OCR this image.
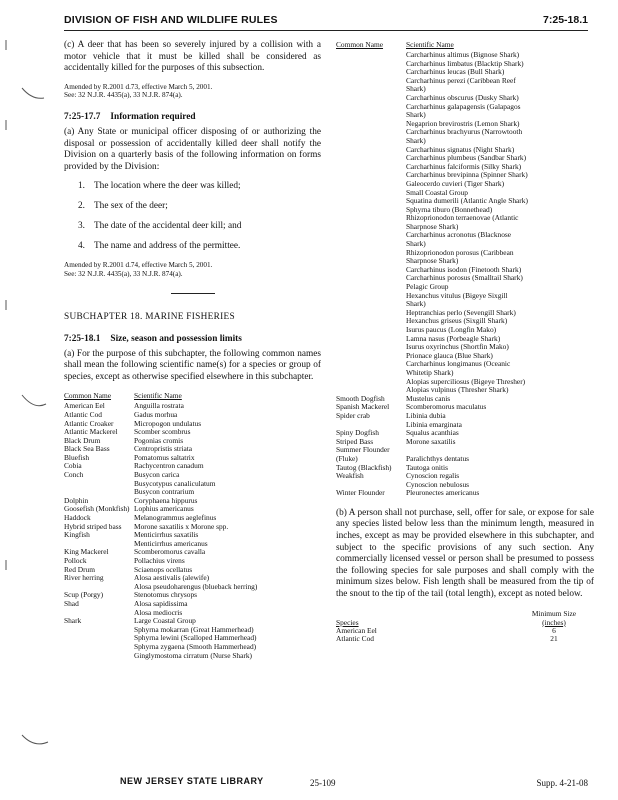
DIVISION OF FISH AND WILDLIFE RULES	7:25-18.1

(c) A deer that has been so severely injured by a collision with a motor vehicle that it must be killed shall be considered as accidentally killed for the purposes of this subsection.

Amended by R.2001 d.73, effective March 5, 2001.
See: 32 N.J.R. 4435(a), 33 N.J.R. 874(a).
7:25-17.7 Information required

(a) Any State or municipal officer disposing of or authorizing the disposal or possession of accidentally killed deer shall notify the Division on a quarterly basis of the following information on forms provided by the Division:

1. The location where the deer was killed;
2. The sex of the deer;
3. The date of the accidental deer kill; and
4. The name and address of the permittee.
Amended by R.2001 d.74, effective March 5, 2001.
See: 32 N.J.R. 4435(a), 33 N.J.R. 874(a).
SUBCHAPTER 18. MARINE FISHERIES
7:25-18.1 Size, season and possession limits

(a) For the purpose of this subchapter, the following common names shall mean the following scientific name(s) for a species or group of species, except as otherwise specified elsewhere in this subchapter.

Common Name	Scientific Name
American Eel	Anguilla rostrata
Atlantic Cod	Gadus morhua
Atlantic Croaker	Micropogon undulatus
Atlantic Mackerel	Scomber scombrus
Black Drum	Pogonias cromis
Black Sea Bass	Centropristis striata
Bluefish	Pomatomus saltatrix
Cobia	Rachycentron canadum
Conch	Busycon carica
	Busycotypus canaliculatum
	Busycon contrarium
Dolphin	Coryphaena hippurus
Goosefish (Monkfish)	Lophius americanus
Haddock	Melanogrammus aeglefinus
Hybrid striped bass	Morone saxatilis x Morone spp.
Kingfish	Menticirrhus saxatilis
	Menticirrhus americanus
King Mackerel	Scomberomorus cavalla
Pollock	Pollachius virens
Red Drum	Sciaenops ocellatus
River herring	Alosa aestivalis (alewife)
	Alosa pseudoharengus (blueback herring)
Scup (Porgy)	Stenotomus chrysops
Shad	Alosa sapidissima
	Alosa mediocris
Shark	Large Coastal Group
	Sphyrna mokarran (Great Hammerhead)
	Sphyrna lewini (Scalloped Hammerhead)
	Sphyrna zygaena (Smooth Hammerhead)
	Ginglymostoma cirratum (Nurse Shark)
Common Name	Scientific Name
	Carcharhinus altimus (Bignose Shark)
	Carcharhinus limbatus (Blacktip Shark)
	Carcharhinus leucas (Bull Shark)
	Carcharhinus perezi (Caribbean Reef
	Shark)
	Carcharhinus obscurus (Dusky Shark)
	Carcharhinus galapagensis (Galapagos
	Shark)
	Negaprion brevirostris (Lemon Shark)
	Carcharhinus brachyurus (Narrowtooth
	Shark)
	Carcharhinus signatus (Night Shark)
	Carcharhinus plumbeus (Sandbar Shark)
	Carcharhinus falciformis (Silky Shark)
	Carcharhinus brevipinna (Spinner Shark)
	Galeocerdo cuvieri (Tiger Shark)
	Small Coastal Group
	Squatina dumerili (Atlantic Angle Shark)
	Sphyrna tiburo (Bonnethead)
	Rhizoprionodon terraenovae (Atlantic
	Sharpnose Shark)
	Carcharhinus acronotus (Blacknose
	Shark)
	Rhizoprionodon porosus (Caribbean
	Sharpnose Shark)
	Carcharhinus isodon (Finetooth Shark)
	Carcharhinus porosus (Smalltail Shark)
	Pelagic Group
	Hexanchus vitulus (Bigeye Sixgill
	Shark)
	Heptranchias perlo (Sevengill Shark)
	Hexanchus griseus (Sixgill Shark)
	Isurus paucus (Longfin Mako)
	Lamna nasus (Porbeagle Shark)
	Isurus oxyrinchus (Shortfin Mako)
	Prionace glauca (Blue Shark)
	Carcharhinus longimanus (Oceanic
	Whitetip Shark)
	Alopias superciliosus (Bigeye Thresher)
	Alopias vulpinus (Thresher Shark)
Smooth Dogfish	Mustelus canis
Spanish Mackerel	Scomberomorus maculatus
Spider crab	Libinia dubia
	Libinia emarginata
Spiny Dogfish	Squalus acanthias
Striped Bass	Morone saxatilis
Summer Flounder	
(Fluke)	Paralichthys dentatus
Tautog (Blackfish)	Tautoga onitis
Weakfish	Cynoscion regalis
	Cynoscion nebulosus
Winter Flounder	Pleuronectes americanus

(b) A person shall not purchase, sell, offer for sale, or expose for sale any species listed below less than the minimum length, measured in inches, except as may be provided elsewhere in this subchapter, and subject to the specific provisions of any such section. Any commercially licensed vessel or person shall be presumed to possess the following species for sale purposes and shall comply with the minimum sizes below. Fish length shall be measured from the tip of the snout to the tip of the tail (total length), except as noted below.

	Minimum Size
Species	(inches)
American Eel	6
Atlantic Cod	21
NEW JERSEY STATE LIBRARY	25-109	Supp. 4-21-08
